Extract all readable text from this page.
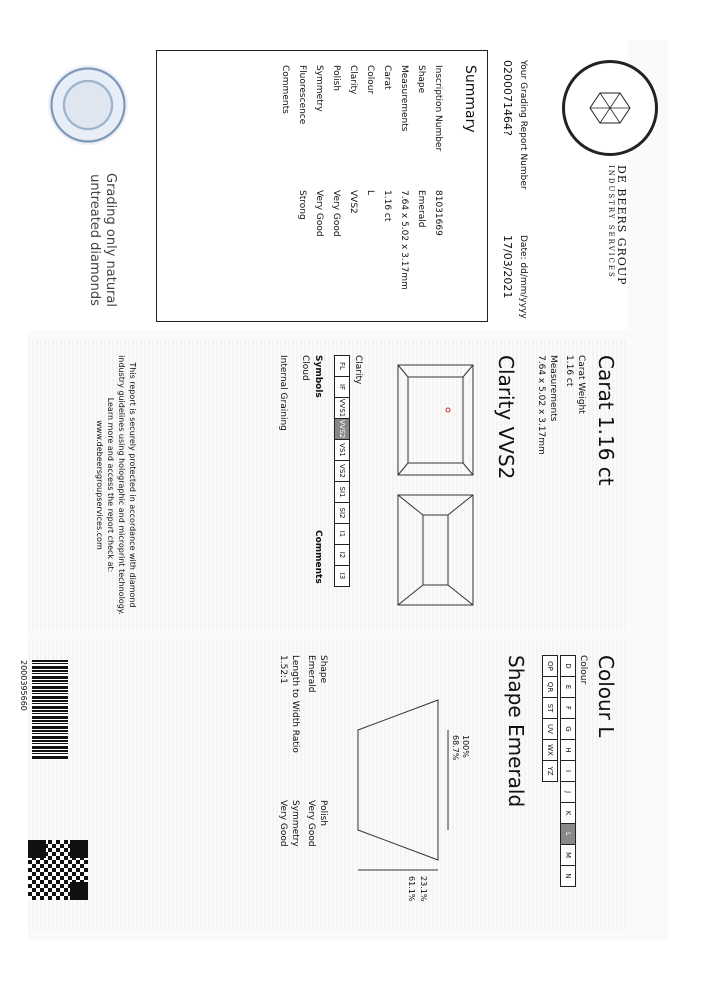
DE BEERS GROUP
INDUSTRY SERVICES
Your Grading Report Number
0200071464?
Date: dd/mm/yyyy
17/03/2021
Summary
Inscription Number
81031669
Shape
Emerald
Measurements
7.64 x 5.02 x 3.17mm
Carat
1.16 ct
Colour
L
Clarity
VVS2
Polish
Very Good
Symmetry
Very Good
Fluorescence
Strong
Comments
Grading only natural untreated diamonds
Carat 1.16 ct
Carat Weight
1.16 ct
Measurements
7.64 x 5.02 x 3.17mm
Clarity VVS2
Clarity
FL
IF
VVS1
VVS2
VS1
VS2
SI1
SI2
I1
I2
I3
Symbols
Comments
Cloud
Internal Graining
This report is securely protected in accordance with diamond industry guidelines using holographic and microprint technology. Learn more and access the report check at: www.debeersgroupservices.com
Colour L
Colour
D
E
F
G
H
I
J
K
L
M
N
OP
QR
ST
UV
WX
YZ
Shape Emerald
100%
68.7%
23.1%
61.1%
Shape
Emerald
Length to Width Ratio
1.52:1
Polish
Very Good
Symmetry
Very Good
2000395660
